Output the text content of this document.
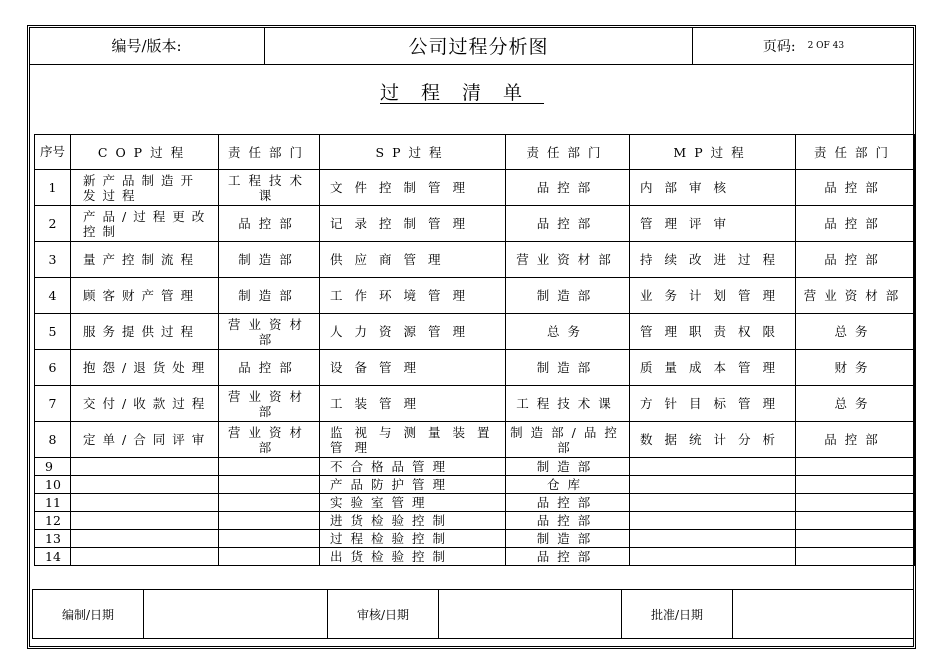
编号/版本:	公司过程分析图	页码: 2 OF 43
过程清单
序号	COP过程	责任部门	SP过程	责任部门	MP过程	责任部门
1	新产品制造开发过程	工程技术课	文件控制管理	品控部	内部审核	品控部
2	产品/过程更改控制	品控部	记录控制管理	品控部	管理评审	品控部
3	量产控制流程	制造部	供应商管理	营业资材部	持续改进过程	品控部
4	顾客财产管理	制造部	工作环境管理	制造部	业务计划管理	营业资材部
5	服务提供过程	营业资材部	人力资源管理	总务	管理职责权限	总务
6	抱怨/退货处理	品控部	设备管理	制造部	质量成本管理	财务
7	交付/收款过程	营业资材部	工装管理	工程技术课	方针目标管理	总务
8	定单/合同评审	营业资材部	监视与测量装置管理	制造部/品控部	数据统计分析	品控部
9			不合格品管理	制造部		
10			产品防护管理	仓库		
11			实验室管理	品控部		
12			进货检验控制	品控部		
13			过程检验控制	制造部		
14			出货检验控制	品控部		
编制/日期	审核/日期	批准/日期
